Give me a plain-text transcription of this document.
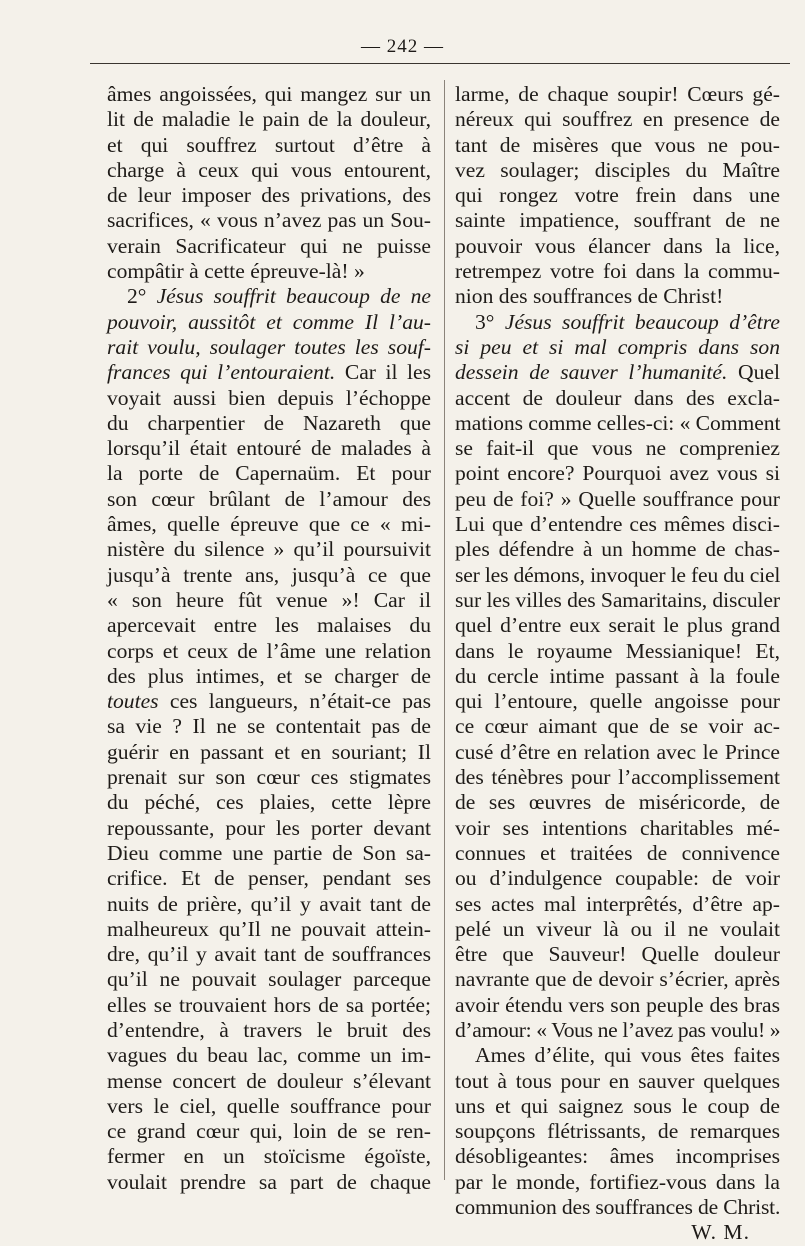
— 242 —
âmes angoissées, qui mangez sur un
lit de maladie le pain de la douleur,
et qui souffrez surtout d’être à
charge à ceux qui vous entourent,
de leur imposer des privations, des
sacrifices, « vous n’avez pas un Sou-
verain Sacrificateur qui ne puisse
compâtir à cette épreuve-là! »
2° Jésus souffrit beaucoup de ne
pouvoir, aussitôt et comme Il l’au-
rait voulu, soulager toutes les souf-
frances qui l’entouraient. Car il les
voyait aussi bien depuis l’échoppe
du charpentier de Nazareth que
lorsqu’il était entouré de malades à
la porte de Capernaüm. Et pour
son cœur brûlant de l’amour des
âmes, quelle épreuve que ce « mi-
nistère du silence » qu’il poursuivit
jusqu’à trente ans, jusqu’à ce que
« son heure fût venue »! Car il
apercevait entre les malaises du
corps et ceux de l’âme une relation
des plus intimes, et se charger de
toutes ces langueurs, n’était-ce pas
sa vie ? Il ne se contentait pas de
guérir en passant et en souriant; Il
prenait sur son cœur ces stigmates
du péché, ces plaies, cette lèpre
repoussante, pour les porter devant
Dieu comme une partie de Son sa-
crifice. Et de penser, pendant ses
nuits de prière, qu’il y avait tant de
malheureux qu’Il ne pouvait attein-
dre, qu’il y avait tant de souffrances
qu’il ne pouvait soulager parceque
elles se trouvaient hors de sa portée;
d’entendre, à travers le bruit des
vagues du beau lac, comme un im-
mense concert de douleur s’élevant
vers le ciel, quelle souffrance pour
ce grand cœur qui, loin de se ren-
fermer en un stoïcisme égoïste,
voulait prendre sa part de chaque
larme, de chaque soupir! Cœurs gé-
néreux qui souffrez en presence de
tant de misères que vous ne pou-
vez soulager; disciples du Maître
qui rongez votre frein dans une
sainte impatience, souffrant de ne
pouvoir vous élancer dans la lice,
retrempez votre foi dans la commu-
nion des souffrances de Christ!
3° Jésus souffrit beaucoup d’être
si peu et si mal compris dans son
dessein de sauver l’humanité. Quel
accent de douleur dans des excla-
mations comme celles-ci: « Comment
se fait-il que vous ne compreniez
point encore? Pourquoi avez vous si
peu de foi? » Quelle souffrance pour
Lui que d’entendre ces mêmes disci-
ples défendre à un homme de chas-
ser les démons, invoquer le feu du ciel
sur les villes des Samaritains, disculer
quel d’entre eux serait le plus grand
dans le royaume Messianique! Et,
du cercle intime passant à la foule
qui l’entoure, quelle angoisse pour
ce cœur aimant que de se voir ac-
cusé d’être en relation avec le Prince
des ténèbres pour l’accomplissement
de ses œuvres de miséricorde, de
voir ses intentions charitables mé-
connues et traitées de connivence
ou d’indulgence coupable: de voir
ses actes mal interprêtés, d’être ap-
pelé un viveur là ou il ne voulait
être que Sauveur! Quelle douleur
navrante que de devoir s’écrier, après
avoir étendu vers son peuple des bras
d’amour: « Vous ne l’avez pas voulu! »
Ames d’élite, qui vous êtes faites
tout à tous pour en sauver quelques
uns et qui saignez sous le coup de
soupçons flétrissants, de remarques
désobligeantes: âmes incomprises
par le monde, fortifiez-vous dans la
communion des souffrances de Christ.
W. M.
